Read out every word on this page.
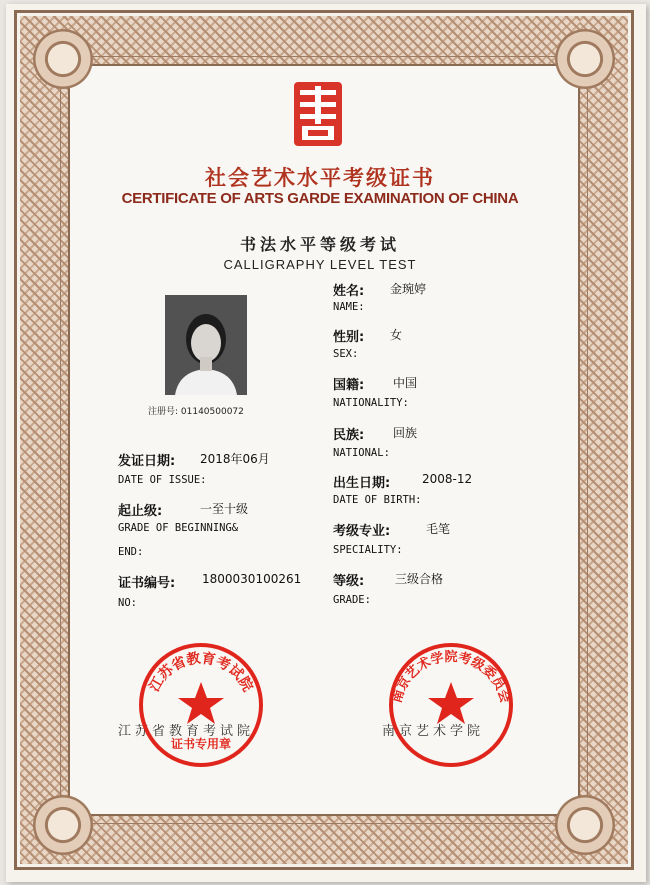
社会艺术水平考级证书
CERTIFICATE OF ARTS GARDE EXAMINATION OF CHINA
书法水平等级考试
CALLIGRAPHY LEVEL TEST
注册号: 01140500072
姓名: 金琬婷
NAME:
性别: 女
SEX:
国籍: 中国
NATIONALITY:
民族: 回族
NATIONAL:
出生日期:	2008-12
DATE OF BIRTH:
考级专业:	毛笔
SPECIALITY:
等级:	三级合格
GRADE:
发证日期: 2018年06月
DATE OF ISSUE:
起止级:	一至十级
GRADE OF BEGINNING&
END:
证书编号: 1800030100261
NO:
江苏省教育考试院	南京艺术学院
江苏省教育考试院
证书专用章
南京艺术学院考级委员会
